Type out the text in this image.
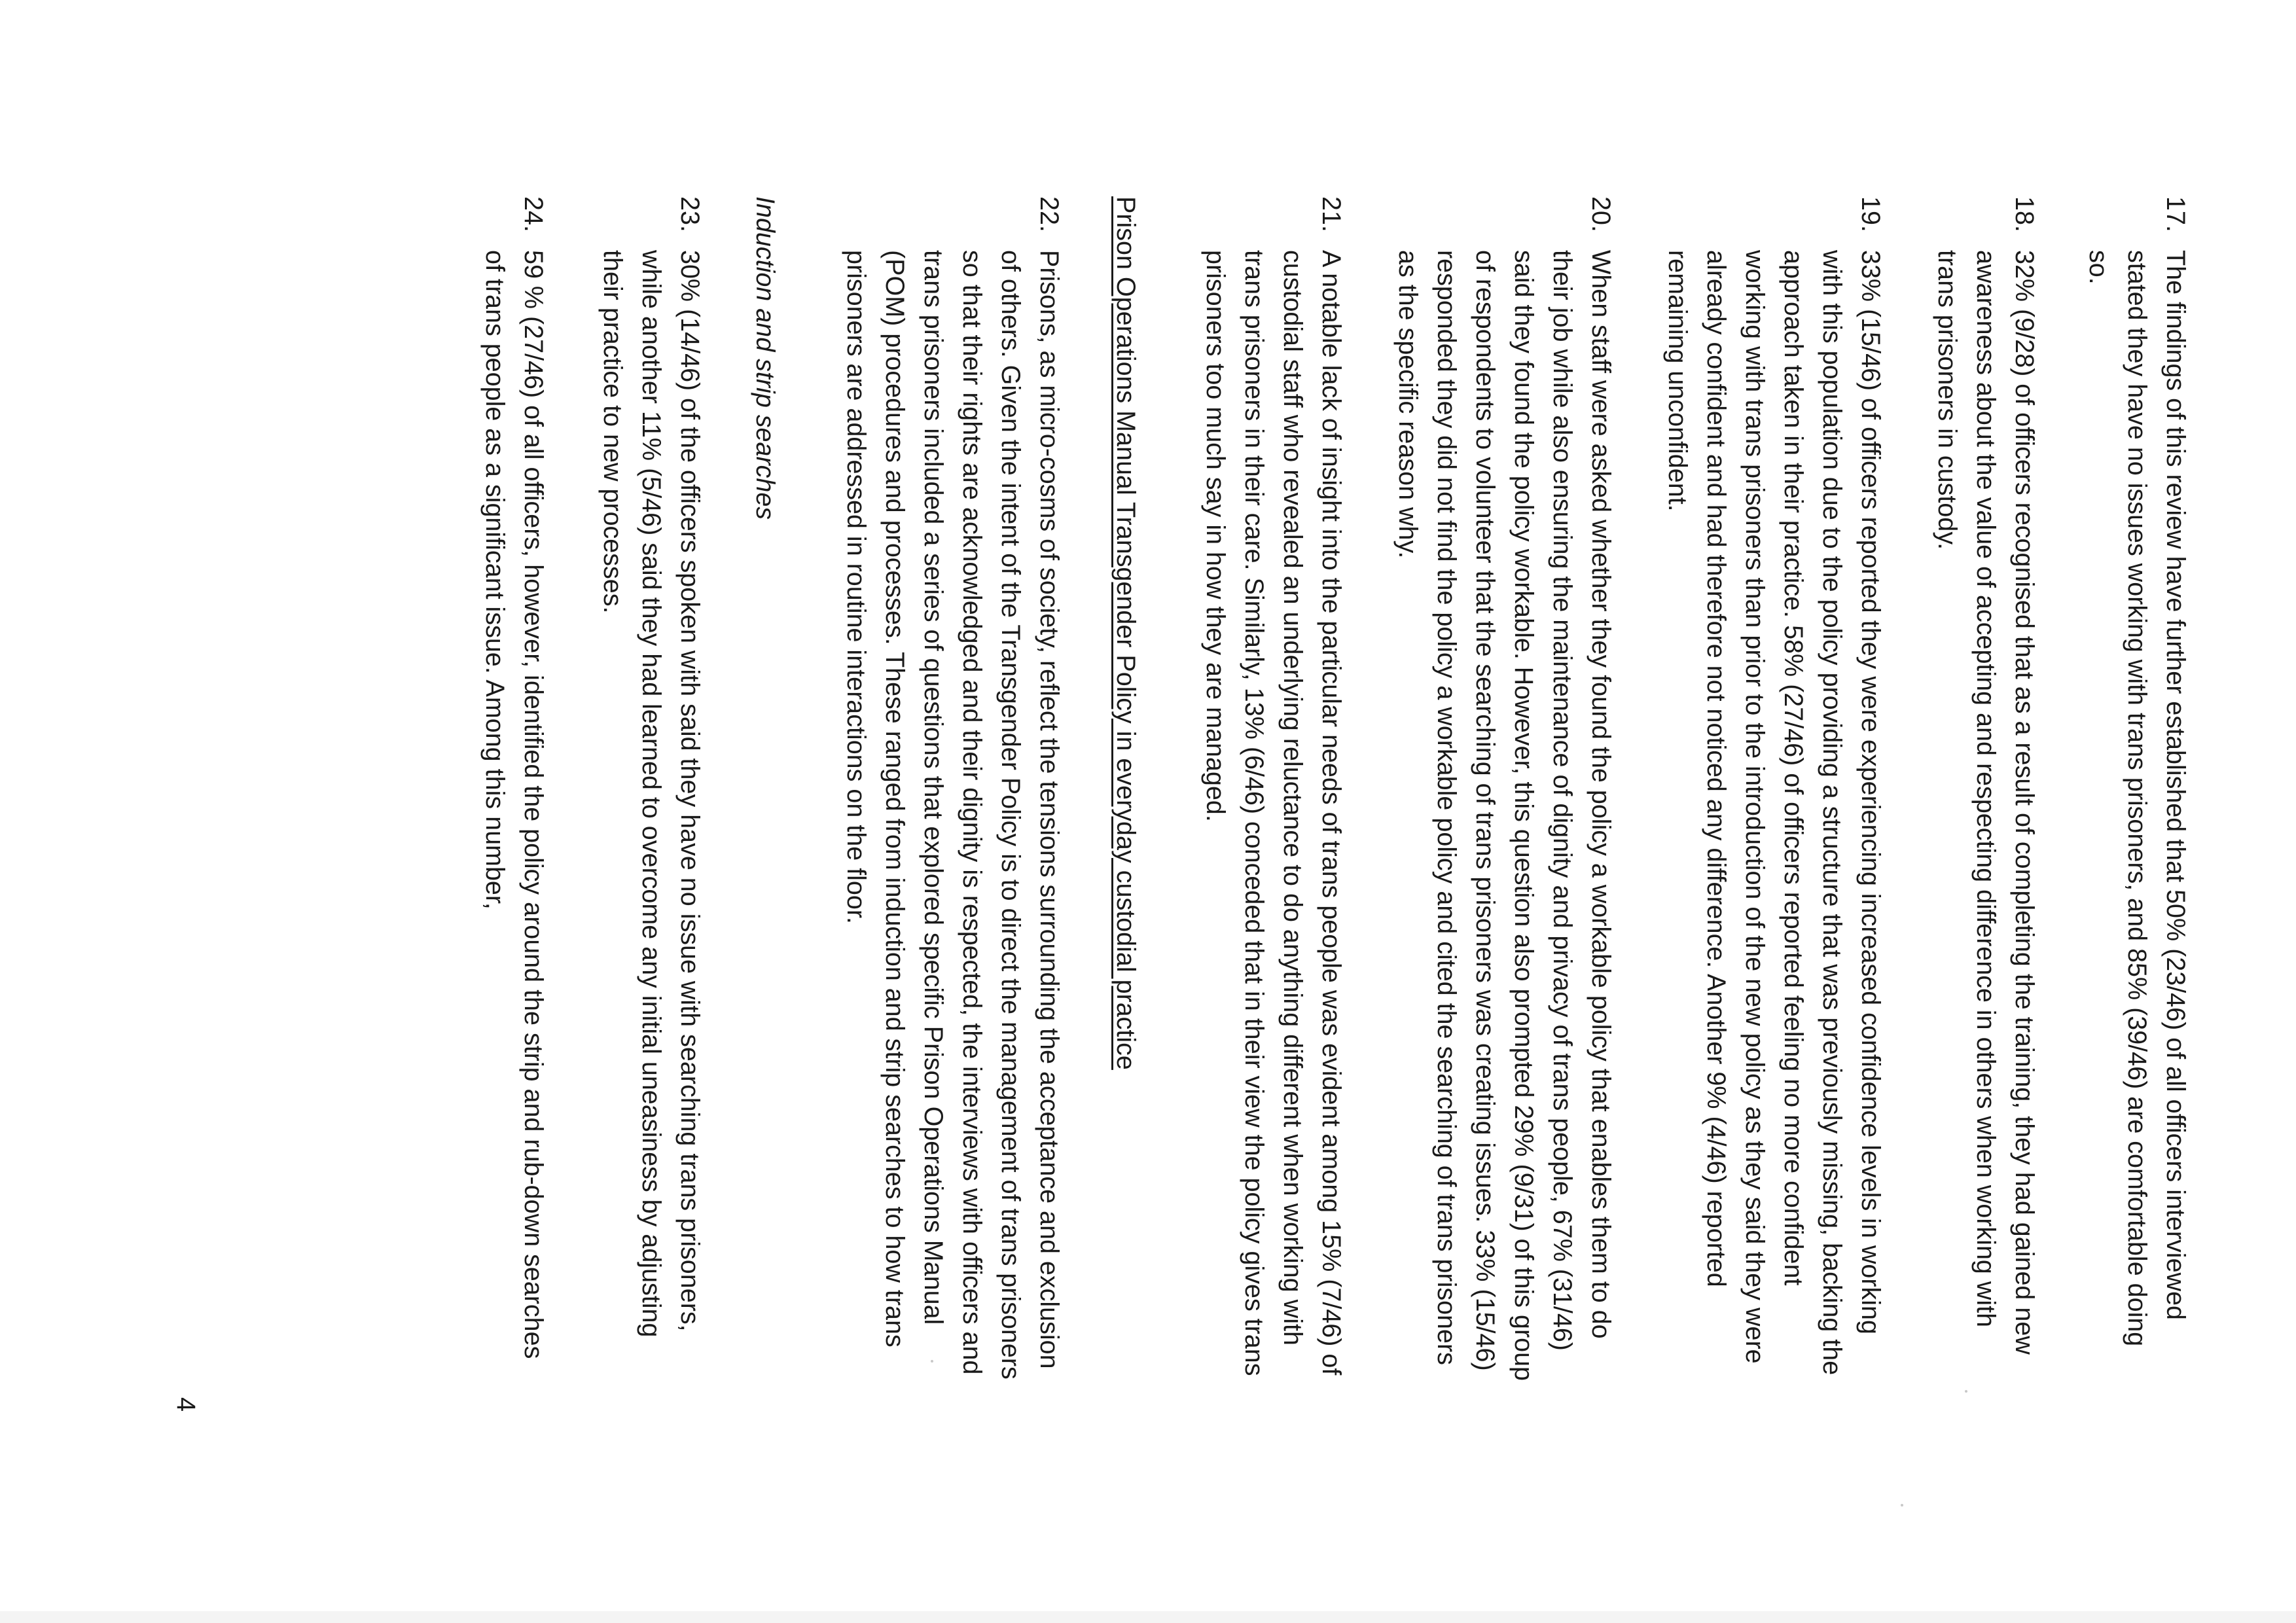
17.
The findings of this review have further established that 50% (23/46) of all officers interviewed stated they have no issues working with trans prisoners, and 85% (39/46) are comfortable doing so.

18.
32% (9/28) of officers recognised that as a result of completing the training, they had gained new awareness about the value of accepting and respecting difference in others when working with trans prisoners in custody.

19.
33% (15/46) of officers reported they were experiencing increased confidence levels in working with this population due to the policy providing a structure that was previously missing, backing the approach taken in their practice. 58% (27/46) of officers reported feeling no more confident working with trans prisoners than prior to the introduction of the new policy as they said they were already confident and had therefore not noticed any difference. Another 9% (4/46) reported remaining unconfident.

20.
When staff were asked whether they found the policy a workable policy that enables them to do their job while also ensuring the maintenance of dignity and privacy of trans people, 67% (31/46) said they found the policy workable. However, this question also prompted 29% (9/31) of this group of respondents to volunteer that the searching of trans prisoners was creating issues. 33% (15/46) responded they did not find the policy a workable policy and cited the searching of trans prisoners as the specific reason why.

21.
A notable lack of insight into the particular needs of trans people was evident among 15% (7/46) of custodial staff who revealed an underlying reluctance to do anything different when working with trans prisoners in their care. Similarly, 13% (6/46) conceded that in their view the policy gives trans prisoners too much say in how they are managed.

Prison Operations Manual Transgender Policy in everyday custodial practice

22.
Prisons, as micro-cosms of society, reflect the tensions surrounding the acceptance and exclusion of others. Given the intent of the Transgender Policy is to direct the management of trans prisoners so that their rights are acknowledged and their dignity is respected, the interviews with officers and trans prisoners included a series of questions that explored specific Prison Operations Manual (POM) procedures and processes. These ranged from induction and strip searches to how trans prisoners are addressed in routine interactions on the floor.

Induction and strip searches

23.
30% (14/46) of the officers spoken with said they have no issue with searching trans prisoners, while another 11% (5/46) said they had learned to overcome any initial uneasiness by adjusting their practice to new processes.

24.
59 % (27/46) of all officers, however, identified the policy around the strip and rub-down searches of trans people as a significant issue. Among this number,

4
